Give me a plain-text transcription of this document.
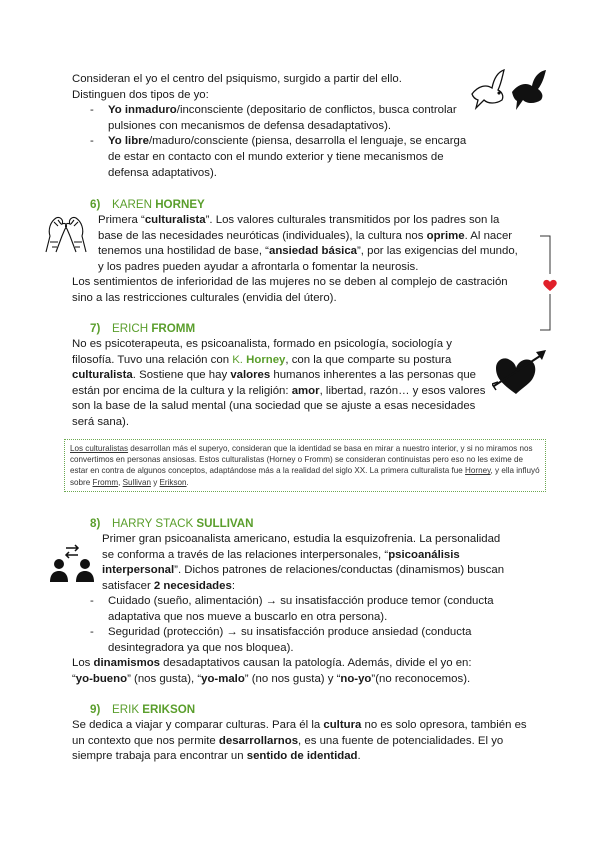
Consideran el yo el centro del psiquismo, surgido a partir del ello.

Distinguen dos tipos de yo:

- Yo inmaduro/inconsciente (depositario de conflictos, busca controlar pulsiones con mecanismos de defensa desadaptativos).
- Yo libre/maduro/consciente (piensa, desarrolla el lenguaje, se encarga de estar en contacto con el mundo exterior y tiene mecanismos de defensa adaptativos).
6) KAREN HORNEY

Primera “culturalista”. Los valores culturales transmitidos por los padres son la base de las necesidades neuróticas (individuales), la cultura nos oprime. Al nacer tenemos una hostilidad de base, “ansiedad básica”, por las exigencias del mundo, y los padres pueden ayudar a afrontarla o fomentar la neurosis.

Los sentimientos de inferioridad de las mujeres no se deben al complejo de castración sino a las restricciones culturales (envidia del útero).

7) ERICH FROMM

No es psicoterapeuta, es psicoanalista, formado en psicología, sociología y filosofía. Tuvo una relación con K. Horney, con la que comparte su postura culturalista. Sostiene que hay valores humanos inherentes a las personas que están por encima de la cultura y la religión: amor, libertad, razón… y esos valores son la base de la salud mental (una sociedad que se ajuste a esas necesidades será sana).

Los culturalistas desarrollan más el superyo, consideran que la identidad se basa en mirar a nuestro interior, y si no miramos nos convertimos en personas ansiosas. Estos culturalistas (Horney o Fromm) se consideran continuistas pero eso no les exime de estar en contra de algunos conceptos, adaptándose más a la realidad del siglo XX. La primera culturalista fue Horney, y ella influyó sobre Fromm, Sullivan y Erikson.
8) HARRY STACK SULLIVAN

Primer gran psicoanalista americano, estudia la esquizofrenia. La personalidad se conforma a través de las relaciones interpersonales, “psicoanálisis interpersonal”. Dichos patrones de relaciones/conductas (dinamismos) buscan satisfacer 2 necesidades:

- Cuidado (sueño, alimentación) → su insatisfacción produce temor (conducta adaptativa que nos mueve a buscarlo en otra persona).
- Seguridad (protección) → su insatisfacción produce ansiedad (conducta desintegradora ya que nos bloquea).

Los dinamismos desadaptativos causan la patología. Además, divide el yo en:

“yo-bueno” (nos gusta), “yo-malo” (no nos gusta) y “no-yo”(no reconocemos).

9) ERIK ERIKSON

Se dedica a viajar y comparar culturas. Para él la cultura no es solo opresora, también es un contexto que nos permite desarrollarnos, es una fuente de potencialidades. El yo siempre trabaja para encontrar un sentido de identidad.
